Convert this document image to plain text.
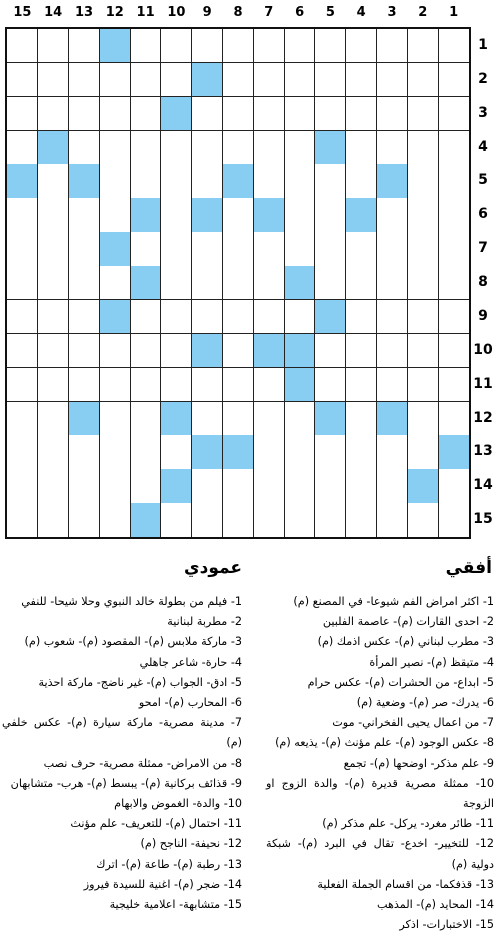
15 14 13 12 11 10	9	8	7	6	5	4	3	2	1
1
2
3
4
5
6
7
8
9
10
11
12
13
14
15
أفقي
1- اكثر امراض الفم شيوعا- في المصنع (م)
2- احدى القارات (م)- عاصمة الفلبين
3- مطرب لبناني (م)- عكس اذمك (م)
4- متيقظ (م)- نصير المرأة
5- ابداع- من الحشرات (م)- عكس حرام
6- يدرك- صر (م)- وضعية (م)
7- من اعمال يحيى الفخراني- موت
8- عكس الوجود (م)- علم مؤنث (م)- يذيعه (م)
9- علم مذكر- اوضحها (م)- تجمع
10- ممثلة مصرية قديرة (م)- والدة الزوج او الزوجة
11- طائر مغرد- يركل- علم مذكر (م)
12- للتخيير- اخدع- تقال في البرد (م)- شبكة دولية (م)
13- قذفكما- من اقسام الجملة الفعلية
14- المحايد (م)- المذهب
15- الاختبارات- اذكر
عمودي
1- فيلم من بطولة خالد النبوي وحلا شيحا- للنفي
2- مطربة لبنانية
3- ماركة ملابس (م)- المقصود (م)- شعوب (م)
4- حارة- شاعر جاهلي
5- ادق- الجواب (م)- غير ناضج- ماركة احذية
6- المحارب (م)- امحو
7- مدينة مصرية- ماركة سيارة (م)- عكس خلفي (م)
8- من الامراض- ممثلة مصرية- حرف نصب
9- قذائف بركانية (م)- يبسط (م)- هرب- متشابهان
10- والدة- الغموض والابهام
11- احتمال (م)- للتعريف- علم مؤنث
12- نحيفة- الناجح (م)
13- رطبة (م)- طاعة (م)- اترك
14- ضجر (م)- اغنية للسيدة فيروز
15- متشابهة- اعلامية خليجية
